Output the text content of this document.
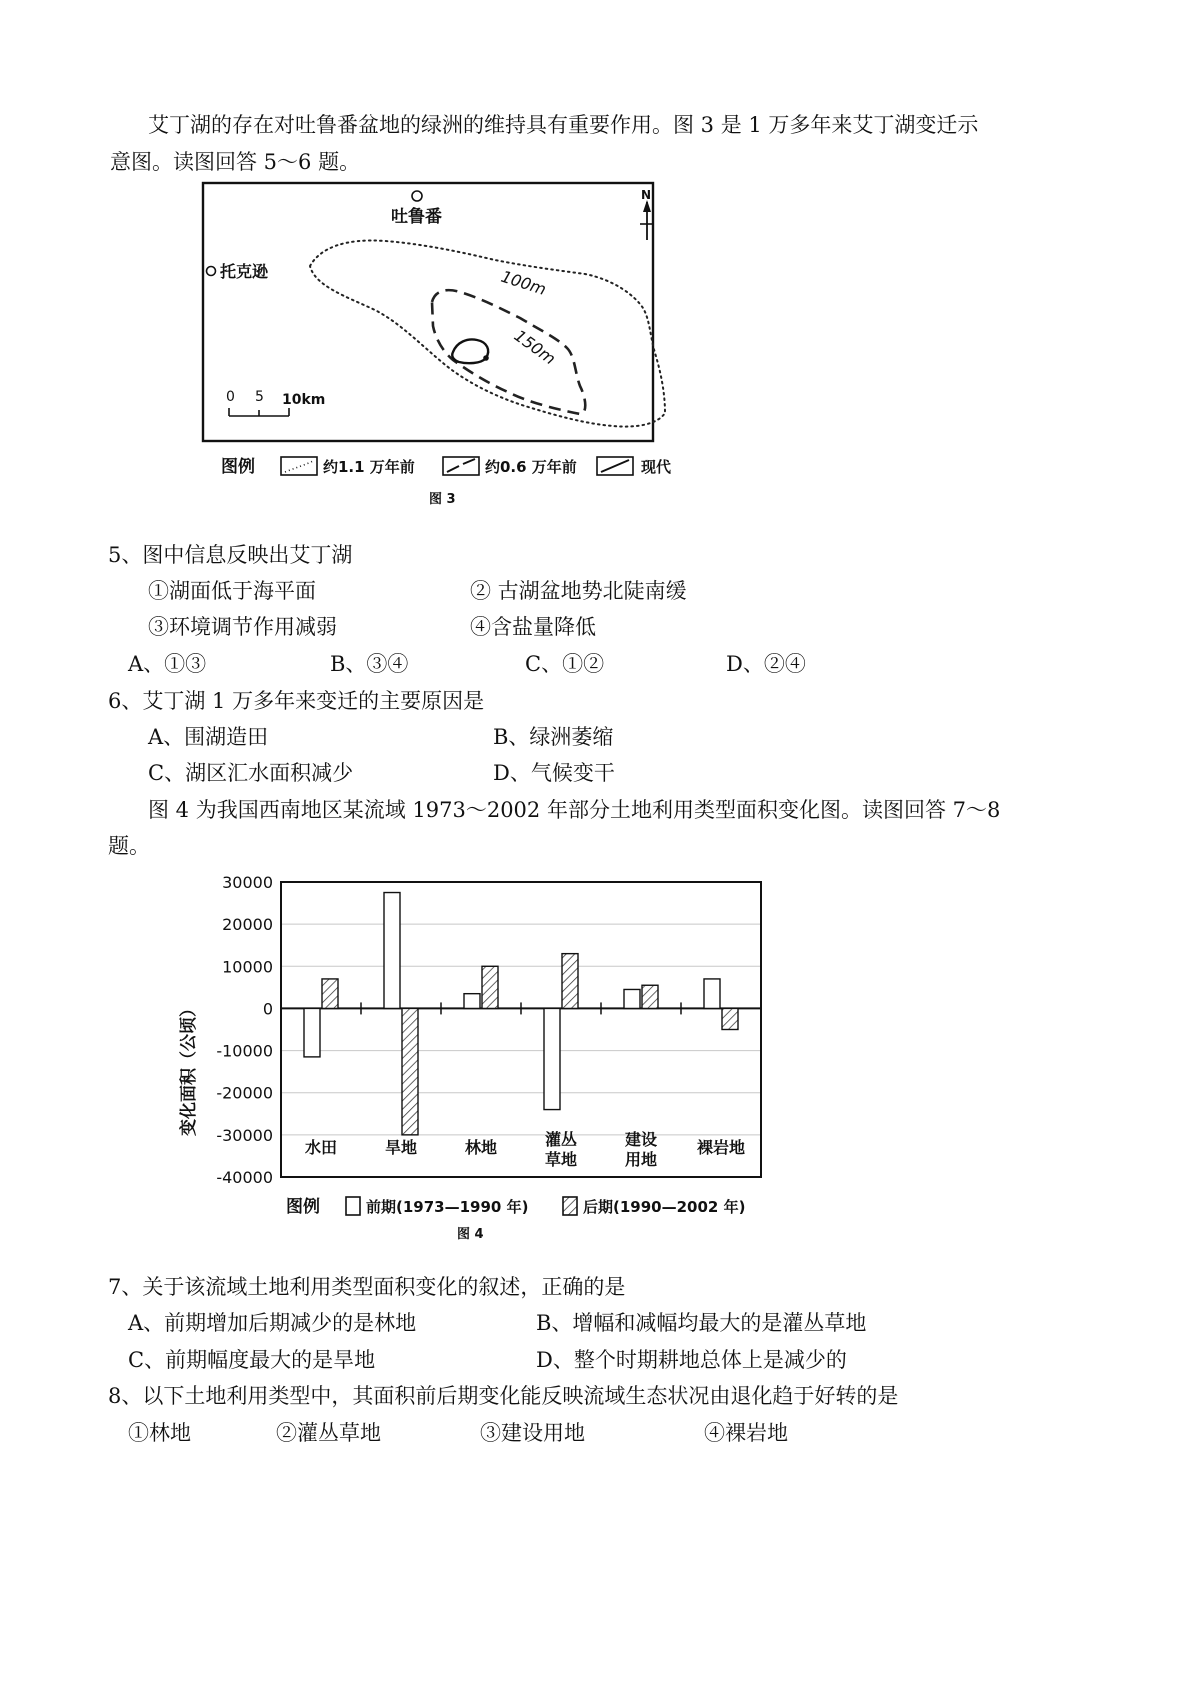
艾丁湖的存在对吐鲁番盆地的绿洲的维持具有重要作用。图 3 是 1 万多年来艾丁湖变迁示
意图。读图回答 5～6 题。
吐鲁番
托克逊
N
100m
150m
0 5 10km
图例	约1.1 万年前	约0.6 万年前	现代
图 3
5、图中信息反映出艾丁湖
①湖面低于海平面	② 古湖盆地势北陡南缓
③环境调节作用减弱	④含盐量降低
A、①③	B、③④	C、①②	D、②④
6、艾丁湖 1 万多年来变迁的主要原因是
A、围湖造田	B、绿洲萎缩
C、湖区汇水面积减少	D、气候变干
图 4 为我国西南地区某流域 1973～2002 年部分土地利用类型面积变化图。读图回答 7～8
题。
30000
20000
10000
0
-10000
-20000
-30000
-40000
水田	旱地	林地	灌丛
草地
建设
用地
裸岩地
变化面积（公顷）
图例	前期(1973—1990 年)	后期(1990—2002 年)
图 4
7、关于该流域土地利用类型面积变化的叙述，正确的是
A、前期增加后期减少的是林地	B、增幅和减幅均最大的是灌丛草地
C、前期幅度最大的是旱地	D、整个时期耕地总体上是减少的
8、以下土地利用类型中，其面积前后期变化能反映流域生态状况由退化趋于好转的是
①林地	②灌丛草地	③建设用地	④裸岩地
